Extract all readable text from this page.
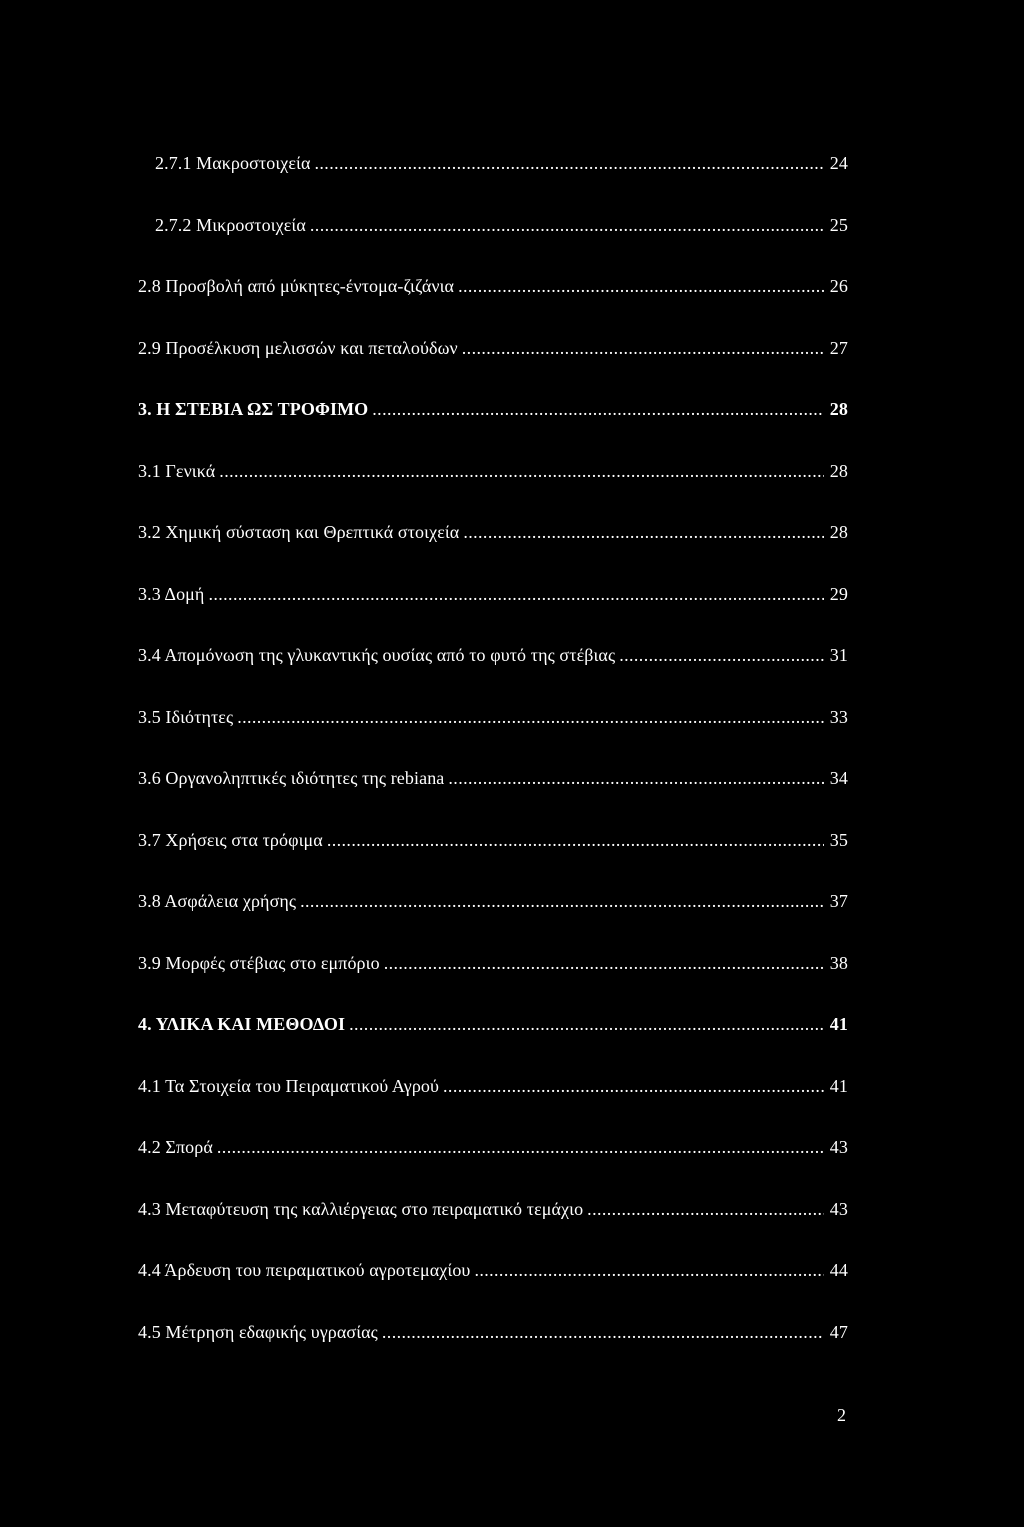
2.7.1 Μακροστοιχεία .....	24
2.7.2 Μικροστοιχεία .....	25
2.8 Προσβολή από μύκητες-έντομα-ζιζάνια .....	26
2.9 Προσέλκυση μελισσών και πεταλούδων .....	27
3. Η ΣΤΕΒΙΑ ΩΣ ΤΡΟΦΙΜΟ .....	28
3.1 Γενικά .....	28
3.2 Χημική σύσταση και Θρεπτικά στοιχεία .....	28
3.3 Δομή .....	29
3.4 Απομόνωση της γλυκαντικής ουσίας από το φυτό της στέβιας .....	31
3.5 Ιδιότητες .....	33
3.6 Οργανοληπτικές ιδιότητες της rebiana .....	34
3.7 Χρήσεις στα τρόφιμα .....	35
3.8 Ασφάλεια χρήσης .....	37
3.9 Μορφές στέβιας στο εμπόριο .....	38
4. ΥΛΙΚΑ ΚΑΙ ΜΕΘΟΔΟΙ .....	41
4.1 Τα Στοιχεία του Πειραματικού Αγρού .....	41
4.2 Σπορά .....	43
4.3 Μεταφύτευση της καλλιέργειας στο πειραματικό τεμάχιο .....	43
4.4 Άρδευση του πειραματικού αγροτεμαχίου .....	44
4.5 Μέτρηση εδαφικής υγρασίας .....	47
2
